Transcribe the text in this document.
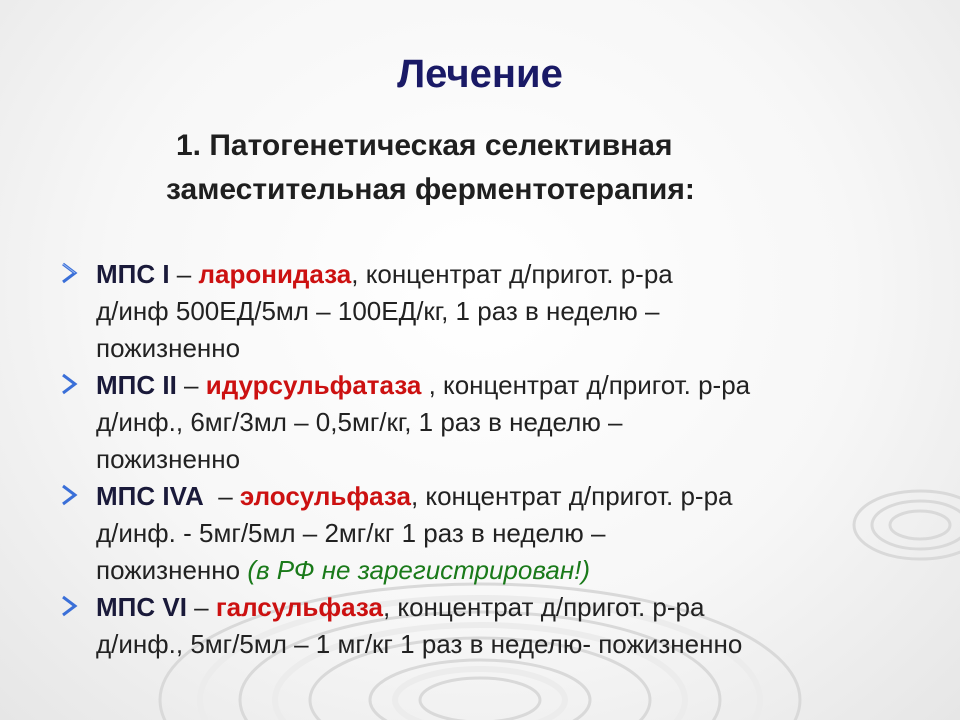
Лечение
1. Патогенетическая селективная
заместительная ферментотерапия:
МПС I – ларонидаза, концентрат д/пригот. р-ра
д/инф 500ЕД/5мл – 100ЕД/кг, 1 раз в неделю –
пожизненно
МПС II – идурсульфатаза , концентрат д/пригот. р-ра
д/инф., 6мг/3мл – 0,5мг/кг, 1 раз в неделю –
пожизненно
МПС IVA  – элосульфаза, концентрат д/пригот. р-ра
д/инф. - 5мг/5мл – 2мг/кг 1 раз в неделю –
пожизненно (в РФ не зарегистрирован!)
МПС VI – галсульфаза, концентрат д/пригот. р-ра
д/инф., 5мг/5мл – 1 мг/кг 1 раз в неделю- пожизненно
